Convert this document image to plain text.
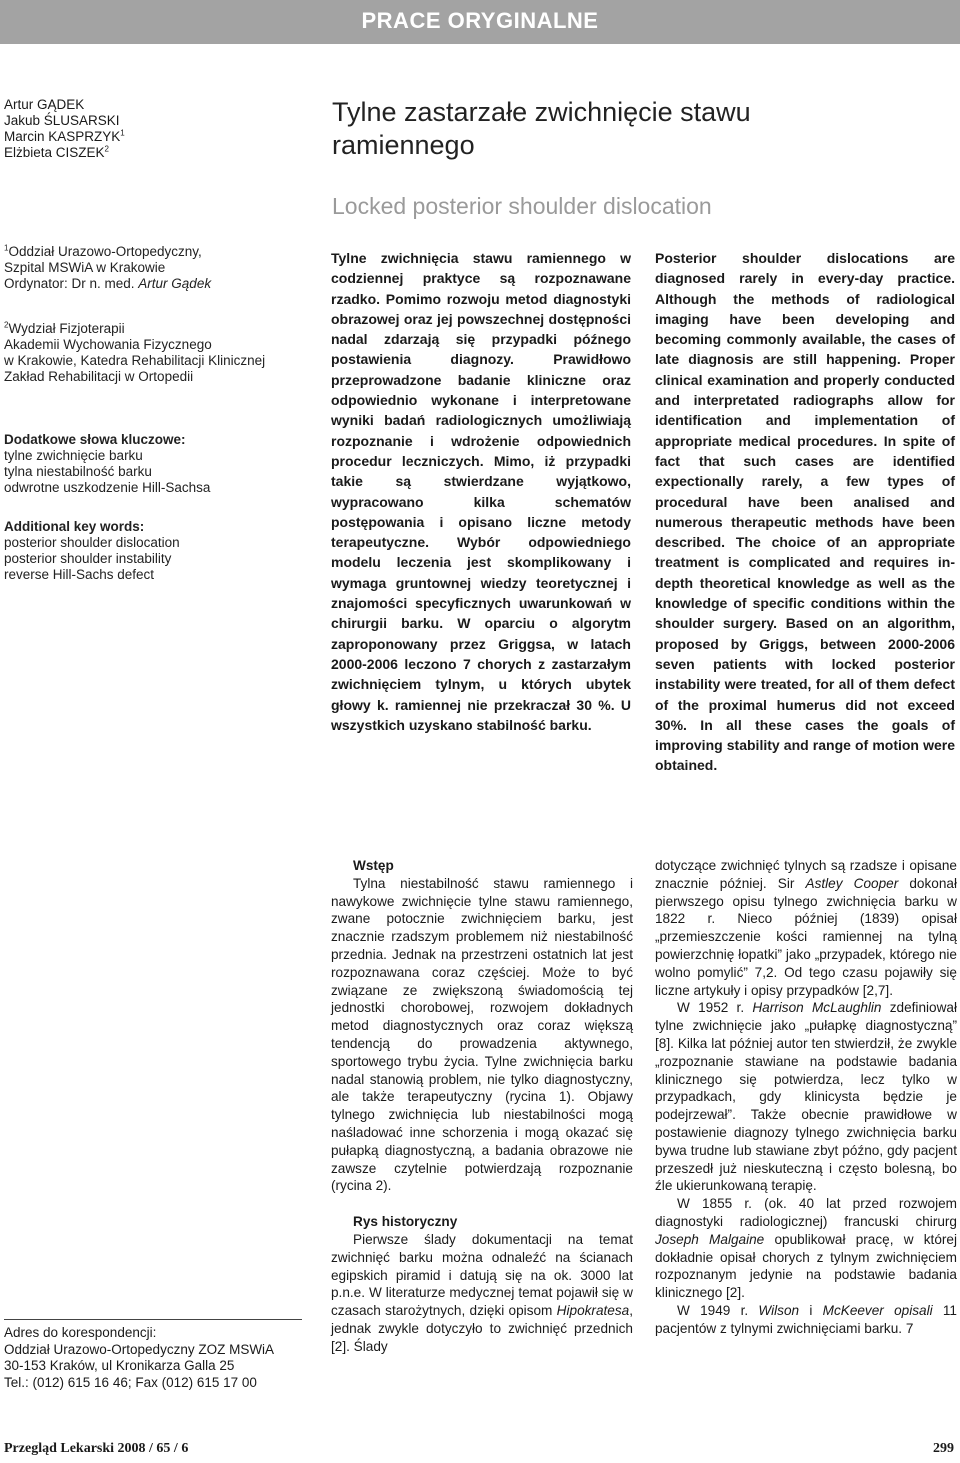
PRACE ORYGINALNE
Artur GĄDEK
Jakub ŚLUSARSKI
Marcin KASPRZYK$^1$
Elżbieta CISZEK$^2$
Tylne zastarzałe zwichnięcie stawu
ramiennego
Locked posterior shoulder dislocation
$^1$Oddział Urazowo-Ortopedyczny,
Szpital MSWiA w Krakowie
Ordynator: Dr n. med. Artur Gądek
$^2$Wydział Fizjoterapii
Akademii Wychowania Fizycznego
w Krakowie, Katedra Rehabilitacji Klinicznej
Zakład Rehabilitacji w Ortopedii
Dodatkowe słowa kluczowe:
tylne zwichnięcie barku
tylna niestabilność barku
odwrotne uszkodzenie Hill-Sachsa
Additional key words:
posterior shoulder dislocation
posterior shoulder instability
reverse Hill-Sachs defect
Tylne zwichnięcia stawu ramiennego w codziennej praktyce są rozpoznawane rzadko. Pomimo rozwoju metod diagnostyki obrazowej oraz jej powszechnej dostępności nadal zdarzają się przypadki późnego postawienia diagnozy. Prawidłowo przeprowadzone badanie kliniczne oraz odpowiednio wykonane i interpretowane wyniki badań radiologicznych umożliwiają rozpoznanie i wdrożenie odpowiednich procedur leczniczych. Mimo, iż przypadki takie są stwierdzane wyjątkowo, wypracowano kilka schematów postępowania i opisano liczne metody terapeutyczne. Wybór odpowiedniego modelu leczenia jest skomplikowany i wymaga gruntownej wiedzy teoretycznej i znajomości specyficznych uwarunkowań w chirurgii barku. W oparciu o algorytm zaproponowany przez Griggsa, w latach 2000-2006 leczono 7 chorych z zastarzałym zwichnięciem tylnym, u których ubytek głowy k. ramiennej nie przekraczał 30 %. U wszystkich uzyskano stabilność barku.
Posterior shoulder dislocations are diagnosed rarely in every-day practice. Although the methods of radiological imaging have been developing and becoming commonly available, the cases of late diagnosis are still happening. Proper clinical examination and properly conducted and interpretated radiographs allow for identification and implementation of appropriate medical procedures. In spite of fact that such cases are identified expectionally rarely, a few types of procedural have been analised and numerous therapeutic methods have been described. The choice of an appropriate treatment is complicated and requires in-depth theoretical knowledge as well as the knowledge of specific conditions within the shoulder surgery. Based on an algorithm, proposed by Griggs, between 2000-2006 seven patients with locked posterior instability were treated, for all of them defect of the proximal humerus did not exceed 30%. In all these cases the goals of improving stability and range of motion were obtained.

Wstęp

Tylna niestabilność stawu ramiennego i nawykowe zwichnięcie tylne stawu ramiennego, zwane potocznie zwichnięciem barku, jest znacznie rzadszym problemem niż niestabilność przednia. Jednak na przestrzeni ostatnich lat jest rozpoznawana coraz częściej. Może to być związane ze zwiększoną świadomością tej jednostki chorobowej, rozwojem dokładnych metod diagnostycznych oraz coraz większą tendencją do prowadzenia aktywnego, sportowego trybu życia. Tylne zwichnięcia barku nadal stanowią problem, nie tylko diagnostyczny, ale także terapeutyczny (rycina 1). Objawy tylnego zwichnięcia lub niestabilności mogą naśladować inne schorzenia i mogą okazać się pułapką diagnostyczną, a badania obrazowe nie zawsze czytelnie potwierdzają rozpoznanie (rycina 2).

Rys historyczny

Pierwsze ślady dokumentacji na temat zwichnięć barku można odnaleźć na ścianach egipskich piramid i datują się na ok. 3000 lat p.n.e. W literaturze medycznej temat pojawił się w czasach starożytnych, dzięki opisom Hipokratesa, jednak zwykle dotyczyło to zwichnięć przednich [2]. Ślady

dotyczące zwichnięć tylnych są rzadsze i opisane znacznie później. Sir Astley Cooper dokonał pierwszego opisu tylnego zwichnięcia barku w 1822 r. Nieco później (1839) opisał „przemieszczenie kości ramiennej na tylną powierzchnię łopatki” jako „przypadek, którego nie wolno pomylić” 7,2. Od tego czasu pojawiły się liczne artykuły i opisy przypadków [2,7].

W 1952 r. Harrison McLaughlin zdefiniował tylne zwichnięcie jako „pułapkę diagnostyczną” [8]. Kilka lat później autor ten stwierdził, że zwykle „rozpoznanie stawiane na podstawie badania klinicznego się potwierdza, lecz tylko w przypadkach, gdy klinicysta będzie je podejrzewał”. Także obecnie prawidłowe w postawienie diagnozy tylnego zwichnięcia barku bywa trudne lub stawiane zbyt późno, gdy pacjent przeszedł już nieskuteczną i często bolesną, bo źle ukierunkowaną terapię.

W 1855 r. (ok. 40 lat przed rozwojem diagnostyki radiologicznej) francuski chirurg Joseph Malgaine opublikował pracę, w której dokładnie opisał chorych z tylnym zwichnięciem rozpoznanym jedynie na podstawie badania klinicznego [2].

W 1949 r. Wilson i McKeever opisali 11 pacjentów z tylnymi zwichnięciami barku. 7

Adres do korespondencji:
Oddział Urazowo-Ortopedyczny ZOZ MSWiA
30-153 Kraków, ul Kronikarza Galla 25
Tel.: (012) 615 16 46; Fax (012) 615 17 00
Przegląd Lekarski 2008 / 65 / 6	299
